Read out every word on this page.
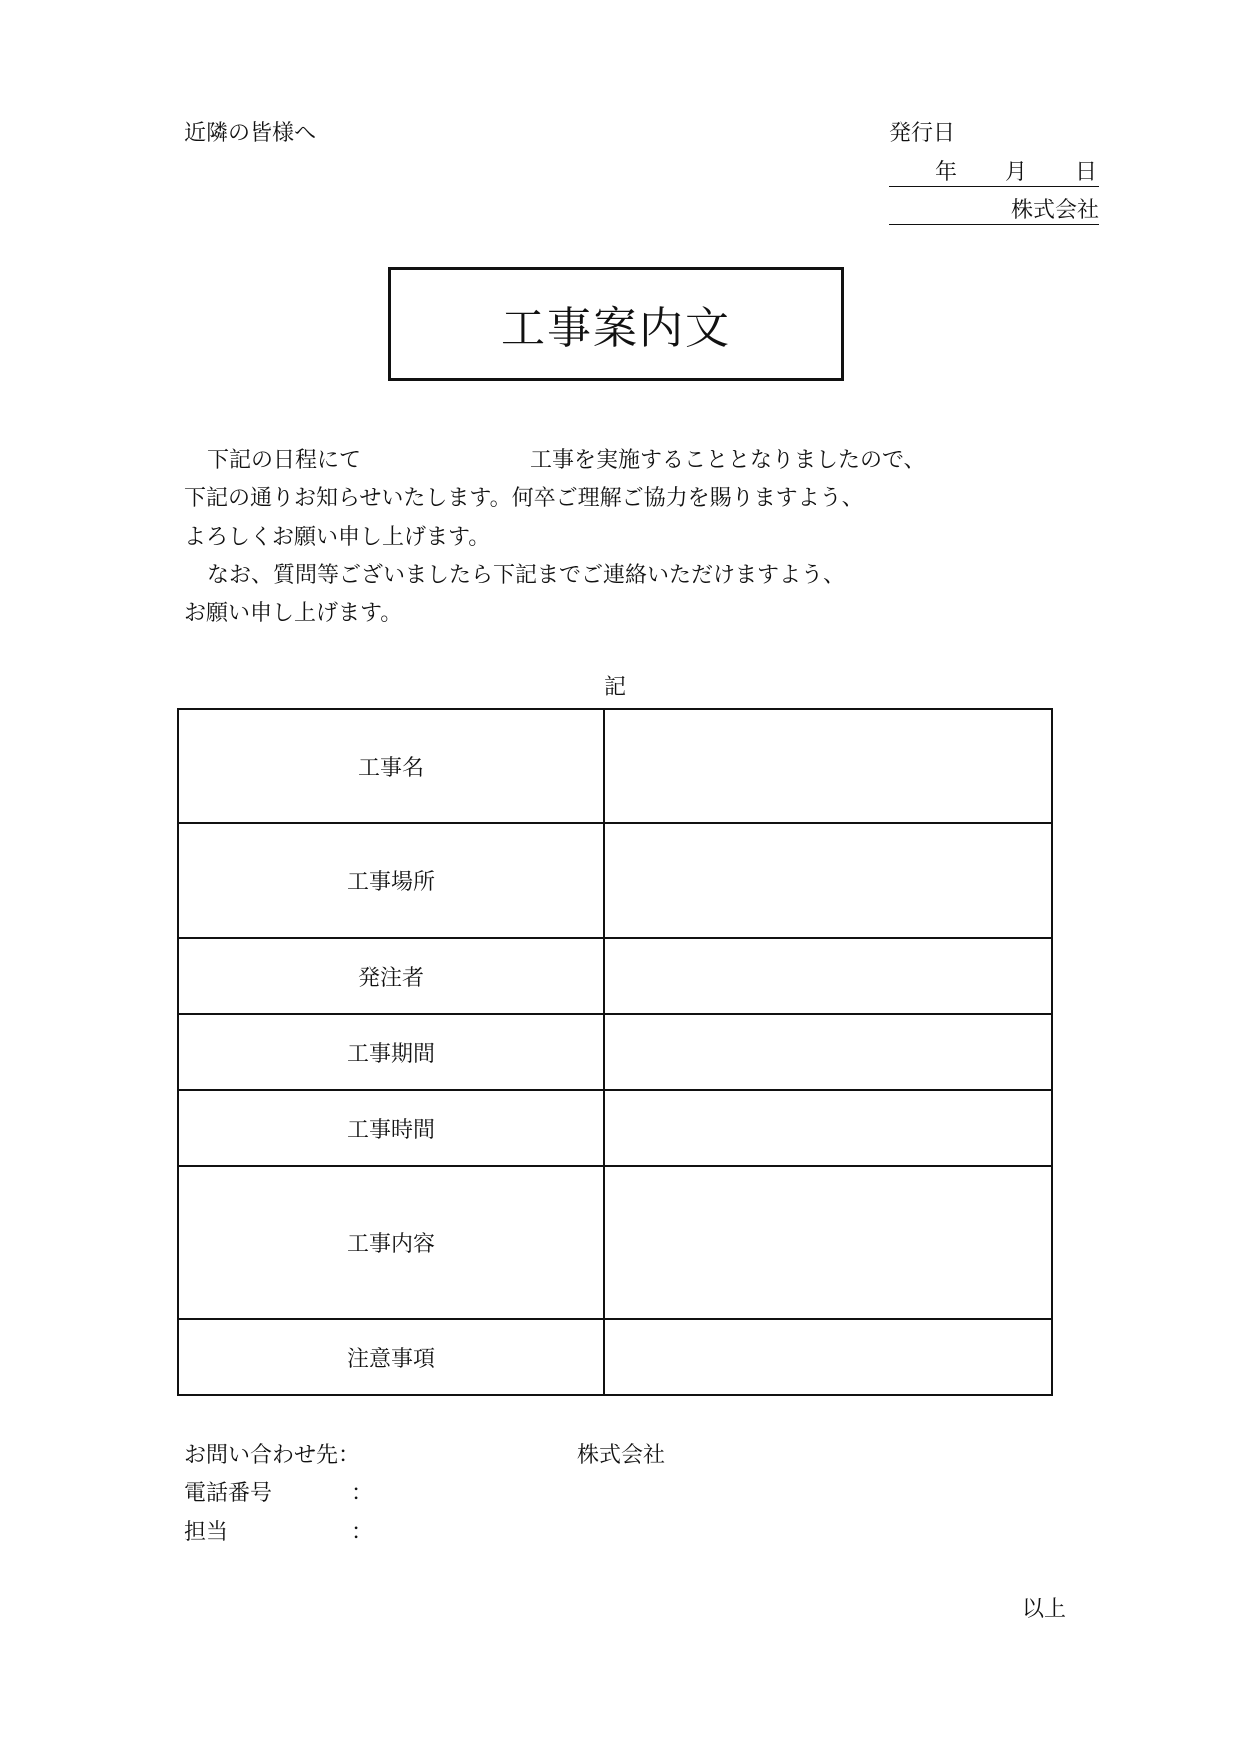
近隣の皆様へ	発行日
年 月 日
株式会社
工事案内文
下記の日程にて	工事を実施することとなりましたので、
下記の通りお知らせいたします。何卒ご理解ご協力を賜りますよう、
よろしくお願い申し上げます。
なお、質問等ございましたら下記までご連絡いただけますよう、
お願い申し上げます。
記
工事名	
工事場所	
発注者	
工事期間	
工事時間	
工事内容	
注意事項	
お問い合わせ先：	株式会社
電話番号	：
担当	：
以上
